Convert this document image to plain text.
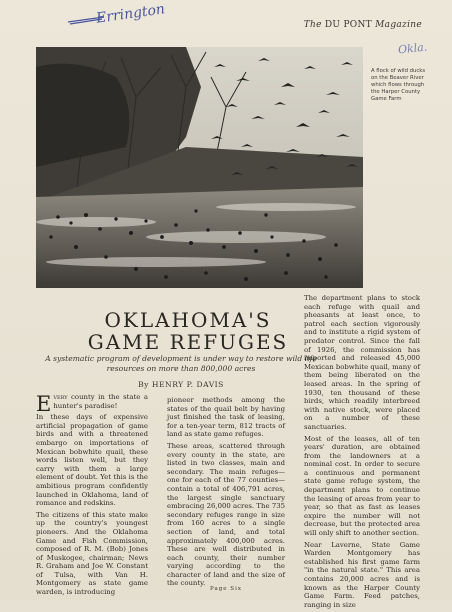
Errington
Okla.
The DU PONT Magazine
A flock of wild ducks on the Beaver River which flows through the Harper County Game Farm
OKLAHOMA'S
GAME REFUGES
A systematic program of development is under way to restore wild life resources on more than 800,000 acres
By HENRY P. DAVIS

Every county in the state a hunter's paradise!

In these days of expensive artificial propagation of game birds and with a threatened embargo on importations of Mexican bobwhite quail, these words listen well, but they carry with them a large element of doubt. Yet this is the ambitious program confidently launched in Oklahoma, land of romance and redskins.

The citizens of this state make up the country's youngest pioneers. And the Oklahoma Game and Fish Commission, composed of R. M. (Bob) Jones of Muskogee, chairman; News R. Graham and Joe W. Constant of Tulsa, with Van H. Montgomery as state game warden, is introducing

pioneer methods among the states of the quail belt by having just finished the task of leasing, for a ten-year term, 812 tracts of land as state game refuges.

These areas, scattered through every county in the state, are listed in two classes, main and secondary. The main refuges—one for each of the 77 counties—contain a total of 406,791 acres, the largest single sanctuary embracing 26,000 acres. The 735 secondary refuges range in size from 160 acres to a single section of land, and total approximately 400,000 acres. These are well distributed in each county, their number varying according to the character of land and the size of the county.

The department plans to stock each refuge with quail and pheasants at least once, to patrol each section vigorously and to institute a rigid system of predator control. Since the fall of 1926, the commission has imported and released 45,000 Mexican bobwhite quail, many of them being liberated on the leased areas. In the spring of 1930, ten thousand of these birds, which readily interbreed with native stock, were placed on a number of these sanctuaries.

Most of the leases, all of ten years' duration, are obtained from the landowners at a nominal cost. In order to secure a continuous and permanent state game refuge system, the department plans to continue the leasing of areas from year to year, so that as fast as leases expire the number will not decrease, but the protected area will only shift to another section.

Near Laverne, State Game Warden Montgomery has established his first game farm "in the natural state." This area contains 20,000 acres and is known as the Harper County Game Farm. Feed patches, ranging in size

Page Six
